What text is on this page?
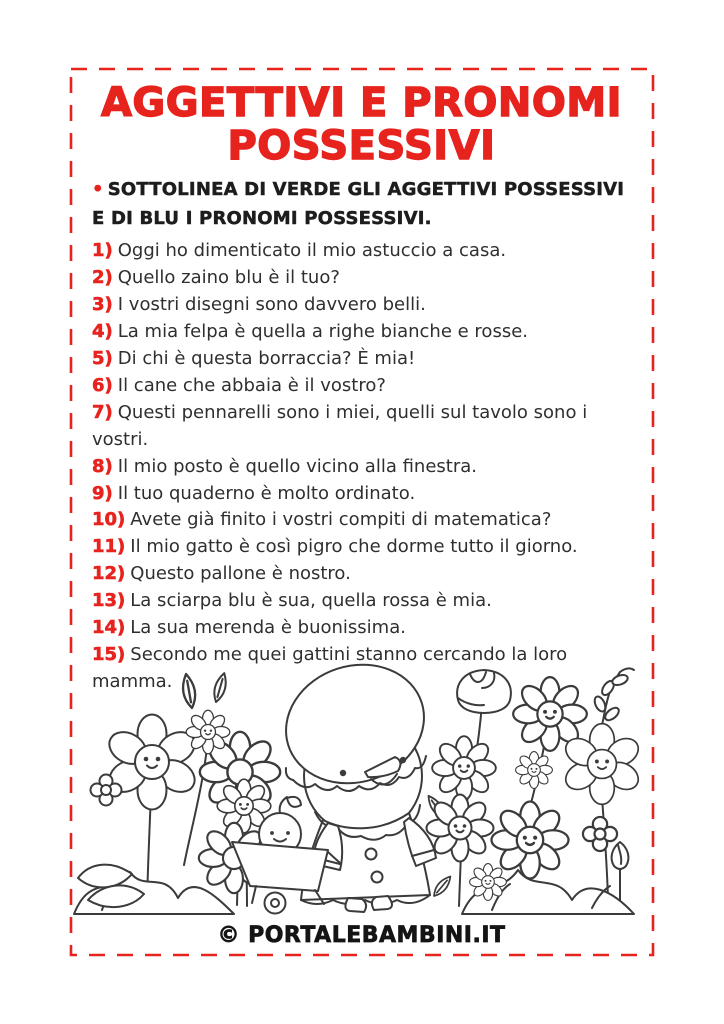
AGGETTIVI E PRONOMI
POSSESSIVI
• SOTTOLINEA DI VERDE GLI AGGETTIVI POSSESSIVI E DI BLU I PRONOMI POSSESSIVI.

1) Oggi ho dimenticato il mio astuccio a casa.

2) Quello zaino blu è il tuo?

3) I vostri disegni sono davvero belli.

4) La mia felpa è quella a righe bianche e rosse.

5) Di chi è questa borraccia? È mia!

6) Il cane che abbaia è il vostro?

7) Questi pennarelli sono i miei, quelli sul tavolo sono i vostri.

8) Il mio posto è quello vicino alla finestra.

9) Il tuo quaderno è molto ordinato.

10) Avete già finito i vostri compiti di matematica?

11) Il mio gatto è così pigro che dorme tutto il giorno.

12) Questo pallone è nostro.

13) La sciarpa blu è sua, quella rossa è mia.

14) La sua merenda è buonissima.

15) Secondo me quei gattini stanno cercando la loro mamma.

© PORTALEBAMBINI.IT
